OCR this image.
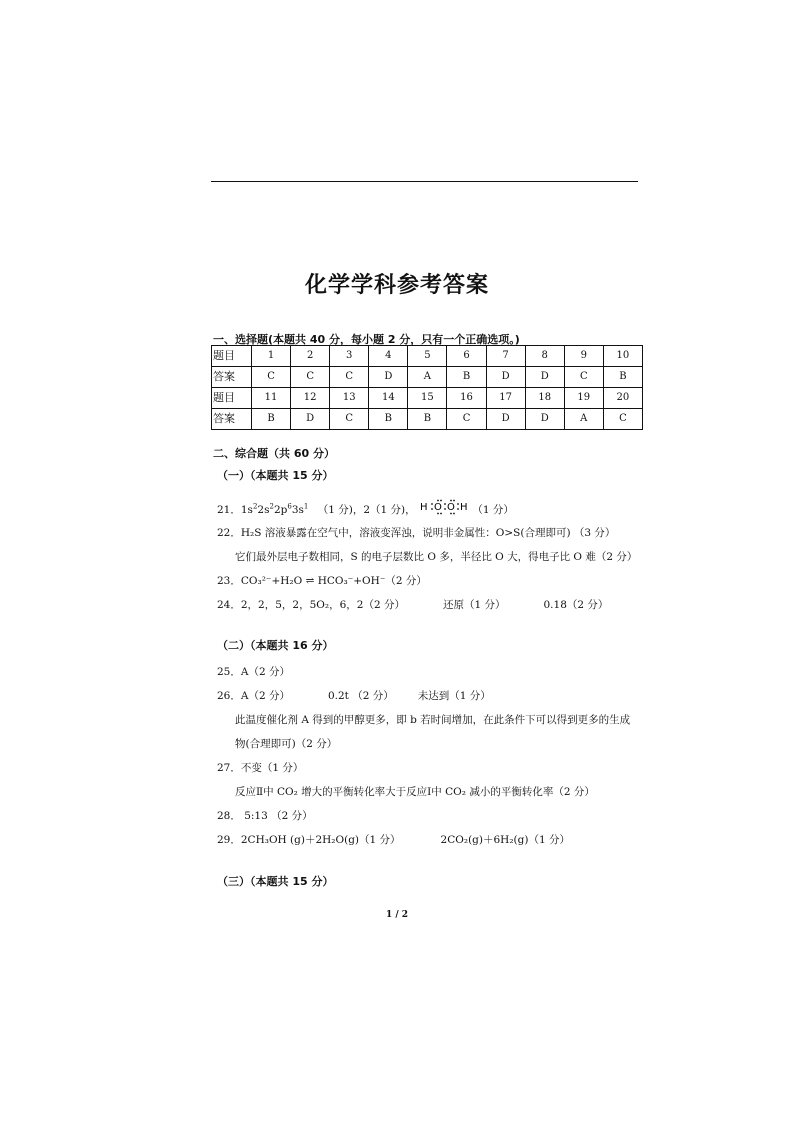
化学学科参考答案
一、选择题(本题共 40 分，每小题 2 分，只有一个正确选项。)
题目	1	2	3	4	5	6	7	8	9	10
答案	C	C	C	D	A	B	D	D	C	B
题目	11	12	13	14	15	16	17	18	19	20
答案	B	D	C	B	B	C	D	D	A	C
二、综合题（共 60 分）
（一）（本题共 15 分）
21．$1s^22s^22p^63s^1$ （1 分)，2（1 分)， H O O H （1 分）
22．H₂S 溶液暴露在空气中，溶液变浑浊，说明非金属性：O>S(合理即可) （3 分）
它们最外层电子数相同，S 的电子层数比 O 多，半径比 O 大，得电子比 O 难（2 分）
23．CO₃²⁻+H₂O ⇌ HCO₃⁻+OH⁻（2 分）
24．2，2，5，2，5O₂，6，2（2 分）	还原（1 分）	0.18（2 分）
（二）（本题共 16 分）
25．A（2 分）
26．A（2 分）	0.2t （2 分） 未达到（1 分）
此温度催化剂 A 得到的甲醇更多，即 b 若时间增加，在此条件下可以得到更多的生成
物(合理即可)（2 分）
27．不变（1 分）
反应Ⅱ中 CO₂ 增大的平衡转化率大于反应Ⅰ中 CO₂ 减小的平衡转化率（2 分）
28． 5:13 （2 分）
29．2CH₃OH (g)＋2H₂O(g)（1 分）	2CO₂(g)＋6H₂(g)（1 分）
（三）（本题共 15 分）
1 / 2
